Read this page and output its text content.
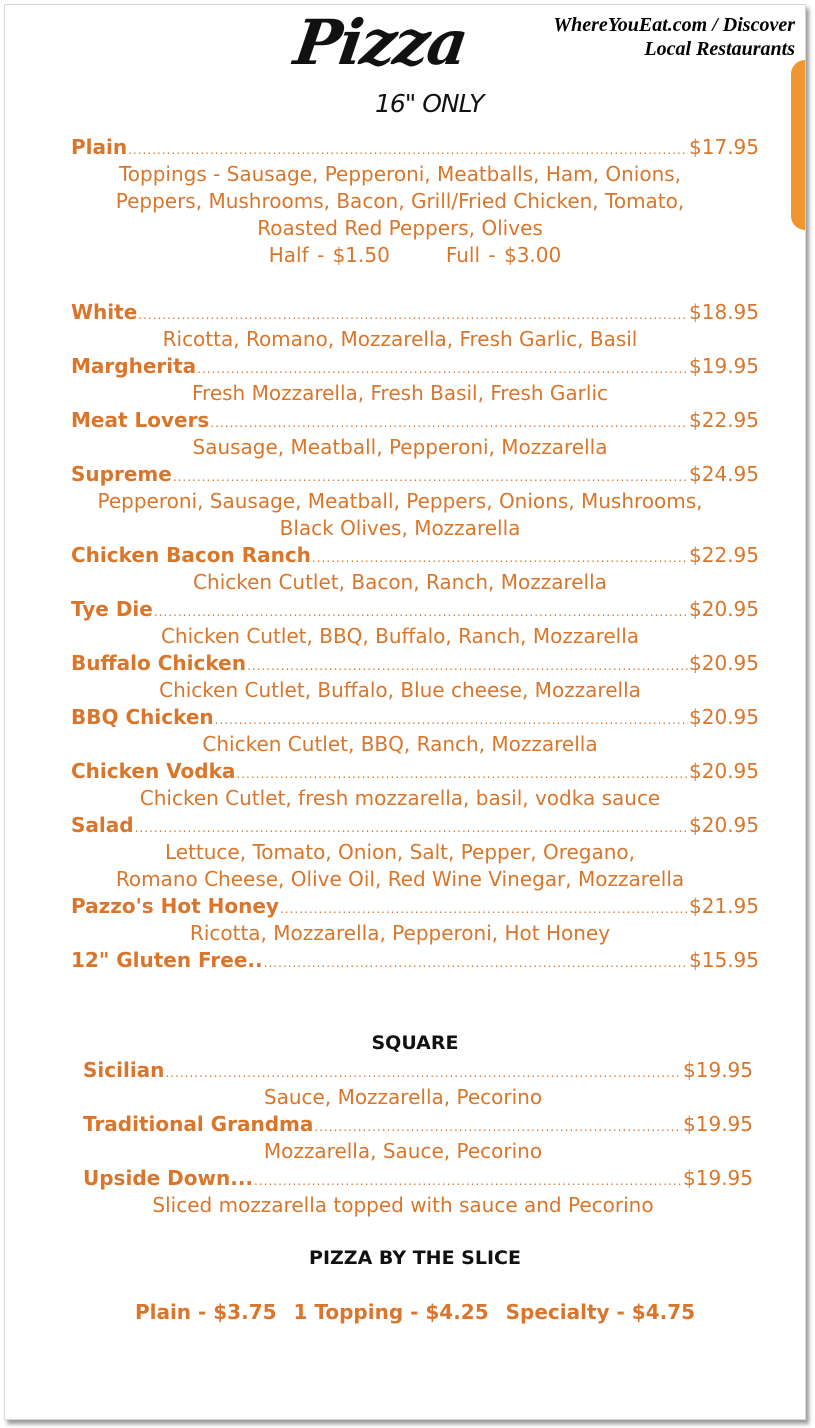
Pizza	WhereYouEat.com / Discover Local Restaurants
16" ONLY
Plain .....	$17.95
Toppings - Sausage, Pepperoni, Meatballs, Ham, Onions,
Peppers, Mushrooms, Bacon, Grill/Fried Chicken, Tomato,
Roasted Red Peppers, Olives
Half - $1.50	Full - $3.00
White .....	$18.95
Ricotta, Romano, Mozzarella, Fresh Garlic, Basil
Margherita .....	$19.95
Fresh Mozzarella, Fresh Basil, Fresh Garlic
Meat Lovers .....	$22.95
Sausage, Meatball, Pepperoni, Mozzarella
Supreme .....	$24.95
Pepperoni, Sausage, Meatball, Peppers, Onions, Mushrooms,
Black Olives, Mozzarella
Chicken Bacon Ranch .....	$22.95
Chicken Cutlet, Bacon, Ranch, Mozzarella
Tye Die .....	$20.95
Chicken Cutlet, BBQ, Buffalo, Ranch, Mozzarella
Buffalo Chicken .....	$20.95
Chicken Cutlet, Buffalo, Blue cheese, Mozzarella
BBQ Chicken .....	$20.95
Chicken Cutlet, BBQ, Ranch, Mozzarella
Chicken Vodka .....	$20.95
Chicken Cutlet, fresh mozzarella, basil, vodka sauce
Salad .....	$20.95
Lettuce, Tomato, Onion, Salt, Pepper, Oregano,
Romano Cheese, Olive Oil, Red Wine Vinegar, Mozzarella
Pazzo's Hot Honey .....	$21.95
Ricotta, Mozzarella, Pepperoni, Hot Honey
12" Gluten Free.. .....	$15.95
SQUARE
Sicilian .....	$19.95
Sauce, Mozzarella, Pecorino
Traditional Grandma .....	$19.95
Mozzarella, Sauce, Pecorino
Upside Down... .....	$19.95
Sliced mozzarella topped with sauce and Pecorino
PIZZA BY THE SLICE
Plain - $3.75 1 Topping - $4.25 Specialty - $4.75
